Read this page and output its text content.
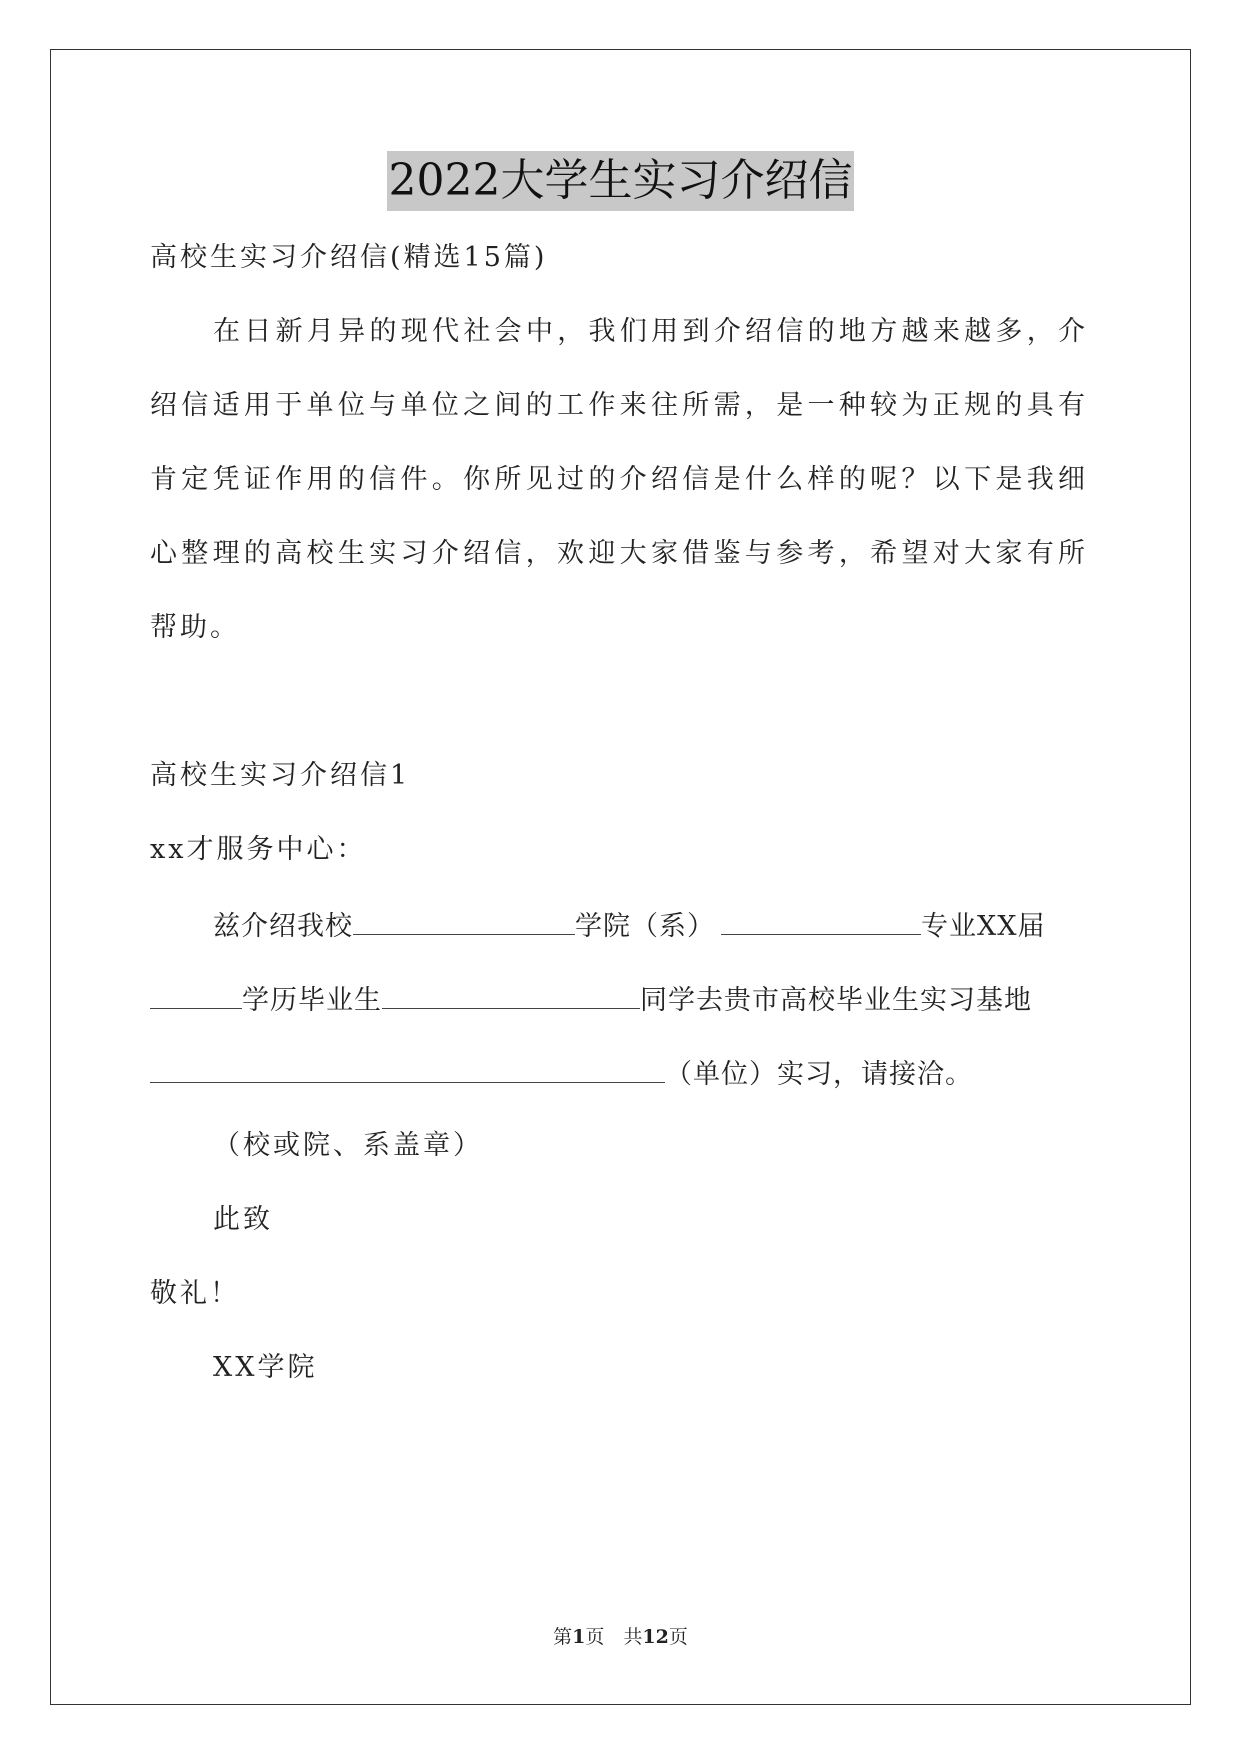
2022大学生实习介绍信
高校生实习介绍信(精选15篇)
在日新月异的现代社会中，我们用到介绍信的地方越来越多，介
绍信适用于单位与单位之间的工作来往所需，是一种较为正规的具有
肯定凭证作用的信件。你所见过的介绍信是什么样的呢？以下是我细
心整理的高校生实习介绍信，欢迎大家借鉴与参考，希望对大家有所
帮助。
高校生实习介绍信1
xx才服务中心：
兹介绍我校	学院（系）	专业XX届
学历毕业生	同学去贵市高校毕业生实习基地
（单位）实习，请接洽。
（校或院、系盖章）
此致
敬礼！
XX学院
第1页　共12页
